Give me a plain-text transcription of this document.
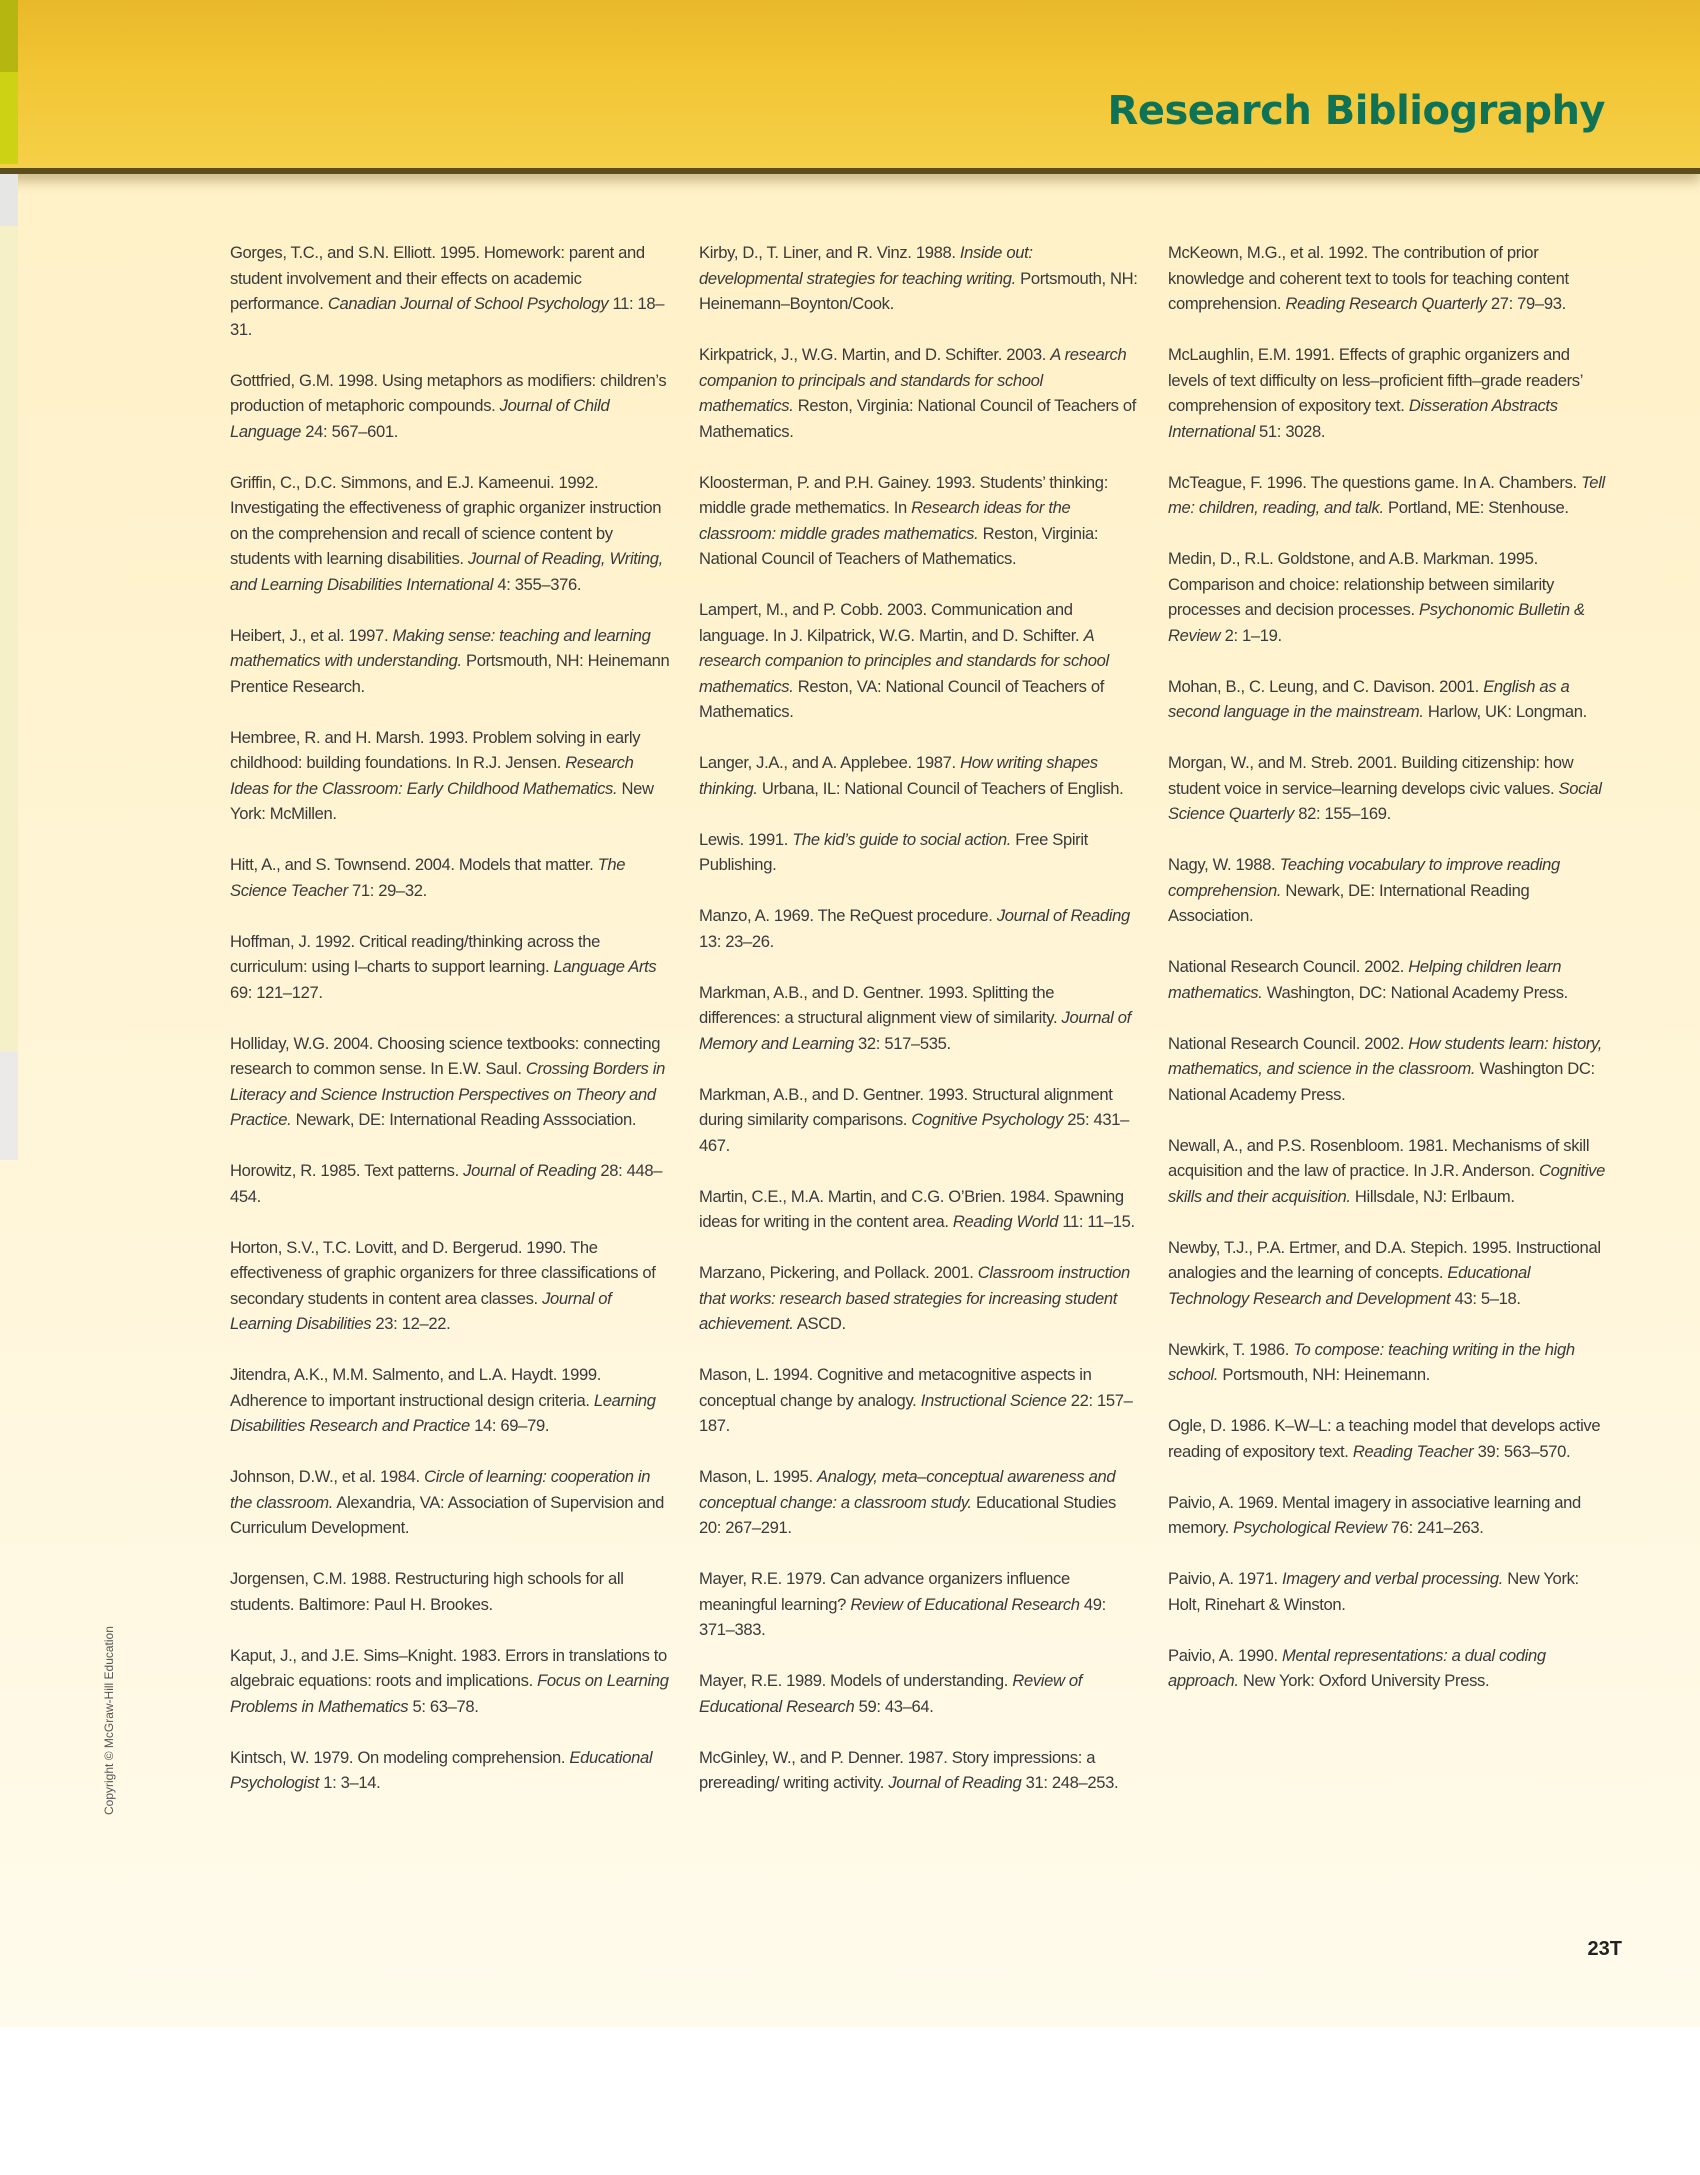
Research Bibliography
Copyright © McGraw-Hill Education

Gorges, T.C., and S.N. Elliott. 1995. Homework: parent and student involvement and their effects on academic performance. Canadian Journal of School Psychology 11: 18–31.

Gottfried, G.M. 1998. Using metaphors as modifiers: children’s production of metaphoric compounds. Journal of Child Language 24: 567–601.

Griffin, C., D.C. Simmons, and E.J. Kameenui. 1992. Investigating the effectiveness of graphic organizer instruction on the comprehension and recall of science content by students with learning disabilities. Journal of Reading, Writing, and Learning Disabilities International 4: 355–376.

Heibert, J., et al. 1997. Making sense: teaching and learning mathematics with understanding. Portsmouth, NH: Heinemann Prentice Research.

Hembree, R. and H. Marsh. 1993. Problem solving in early childhood: building foundations. In R.J. Jensen. Research Ideas for the Classroom: Early Childhood Mathematics. New York: McMillen.

Hitt, A., and S. Townsend. 2004. Models that matter. The Science Teacher 71: 29–32.

Hoffman, J. 1992. Critical reading/thinking across the curriculum: using I–charts to support learning. Language Arts 69: 121–127.

Holliday, W.G. 2004. Choosing science textbooks: connecting research to common sense. In E.W. Saul. Crossing Borders in Literacy and Science Instruction Perspectives on Theory and Practice. Newark, DE: International Reading Asssociation.

Horowitz, R. 1985. Text patterns. Journal of Reading 28: 448–454.

Horton, S.V., T.C. Lovitt, and D. Bergerud. 1990. The effectiveness of graphic organizers for three classifications of secondary students in content area classes. Journal of Learning Disabilities 23: 12–22.

Jitendra, A.K., M.M. Salmento, and L.A. Haydt. 1999. Adherence to important instructional design criteria. Learning Disabilities Research and Practice 14: 69–79.

Johnson, D.W., et al. 1984. Circle of learning: cooperation in the classroom. Alexandria, VA: Association of Supervision and Curriculum Development.

Jorgensen, C.M. 1988. Restructuring high schools for all students. Baltimore: Paul H. Brookes.

Kaput, J., and J.E. Sims–Knight. 1983. Errors in translations to algebraic equations: roots and implications. Focus on Learning Problems in Mathematics 5: 63–78.

Kintsch, W. 1979. On modeling comprehension. Educational Psychologist 1: 3–14.

Kirby, D., T. Liner, and R. Vinz. 1988. Inside out: developmental strategies for teaching writing. Portsmouth, NH: Heinemann–Boynton/Cook.

Kirkpatrick, J., W.G. Martin, and D. Schifter. 2003. A research companion to principals and standards for school mathematics. Reston, Virginia: National Council of Teachers of Mathematics.

Kloosterman, P. and P.H. Gainey. 1993. Students’ thinking: middle grade methematics. In Research ideas for the classroom: middle grades mathematics. Reston, Virginia: National Council of Teachers of Mathematics.

Lampert, M., and P. Cobb. 2003. Communication and language. In J. Kilpatrick, W.G. Martin, and D. Schifter. A research companion to principles and standards for school mathematics. Reston, VA: National Council of Teachers of Mathematics.

Langer, J.A., and A. Applebee. 1987. How writing shapes thinking. Urbana, IL: National Council of Teachers of English.

Lewis. 1991. The kid’s guide to social action. Free Spirit Publishing.

Manzo, A. 1969. The ReQuest procedure. Journal of Reading 13: 23–26.

Markman, A.B., and D. Gentner. 1993. Splitting the differences: a structural alignment view of similarity. Journal of Memory and Learning 32: 517–535.

Markman, A.B., and D. Gentner. 1993. Structural alignment during similarity comparisons. Cognitive Psychology 25: 431–467.

Martin, C.E., M.A. Martin, and C.G. O’Brien. 1984. Spawning ideas for writing in the content area. Reading World 11: 11–15.

Marzano, Pickering, and Pollack. 2001. Classroom instruction that works: research based strategies for increasing student achievement. ASCD.

Mason, L. 1994. Cognitive and metacognitive aspects in conceptual change by analogy. Instructional Science 22: 157–187.

Mason, L. 1995. Analogy, meta–conceptual awareness and conceptual change: a classroom study. Educational Studies 20: 267–291.

Mayer, R.E. 1979. Can advance organizers influence meaningful learning? Review of Educational Research 49: 371–383.

Mayer, R.E. 1989. Models of understanding. Review of Educational Research 59: 43–64.

McGinley, W., and P. Denner. 1987. Story impressions: a prereading/ writing activity. Journal of Reading 31: 248–253.

McKeown, M.G., et al. 1992. The contribution of prior knowledge and coherent text to tools for teaching content comprehension. Reading Research Quarterly 27: 79–93.

McLaughlin, E.M. 1991. Effects of graphic organizers and levels of text difficulty on less–proficient fifth–grade readers’ comprehension of expository text. Disseration Abstracts International 51: 3028.

McTeague, F. 1996. The questions game. In A. Chambers. Tell me: children, reading, and talk. Portland, ME: Stenhouse.

Medin, D., R.L. Goldstone, and A.B. Markman. 1995. Comparison and choice: relationship between similarity processes and decision processes. Psychonomic Bulletin & Review 2: 1–19.

Mohan, B., C. Leung, and C. Davison. 2001. English as a second language in the mainstream. Harlow, UK: Longman.

Morgan, W., and M. Streb. 2001. Building citizenship: how student voice in service–learning develops civic values. Social Science Quarterly 82: 155–169.

Nagy, W. 1988. Teaching vocabulary to improve reading comprehension. Newark, DE: International Reading Association.

National Research Council. 2002. Helping children learn mathematics. Washington, DC: National Academy Press.

National Research Council. 2002. How students learn: history, mathematics, and science in the classroom. Washington DC: National Academy Press.

Newall, A., and P.S. Rosenbloom. 1981. Mechanisms of skill acquisition and the law of practice. In J.R. Anderson. Cognitive skills and their acquisition. Hillsdale, NJ: Erlbaum.

Newby, T.J., P.A. Ertmer, and D.A. Stepich. 1995. Instructional analogies and the learning of concepts. Educational Technology Research and Development 43: 5–18.

Newkirk, T. 1986. To compose: teaching writing in the high school. Portsmouth, NH: Heinemann.

Ogle, D. 1986. K–W–L: a teaching model that develops active reading of expository text. Reading Teacher 39: 563–570.

Paivio, A. 1969. Mental imagery in associative learning and memory. Psychological Review 76: 241–263.

Paivio, A. 1971. Imagery and verbal processing. New York: Holt, Rinehart & Winston.

Paivio, A. 1990. Mental representations: a dual coding approach. New York: Oxford University Press.

23T
